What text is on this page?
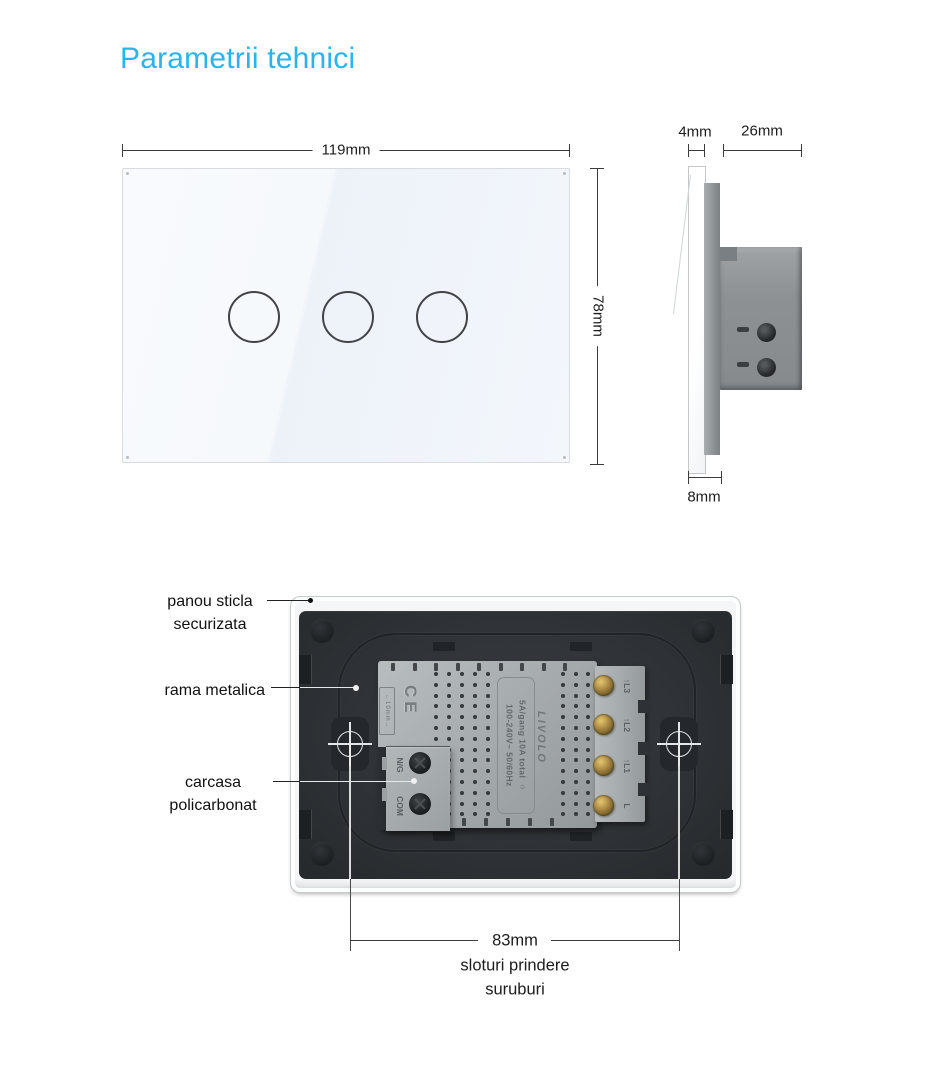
Parametrii tehnici
119mm
78mm
4mm 26mm
8mm
←10mm→ CE
100-240V~ 50/60Hz 5A/gang 10A total ☼ LIVOLO
N/G
COM
↑L3
↑L2
↑L1
L
panou sticla
securizata
rama metalica
carcasa
policarbonat
83mm
sloturi prindere
suruburi
